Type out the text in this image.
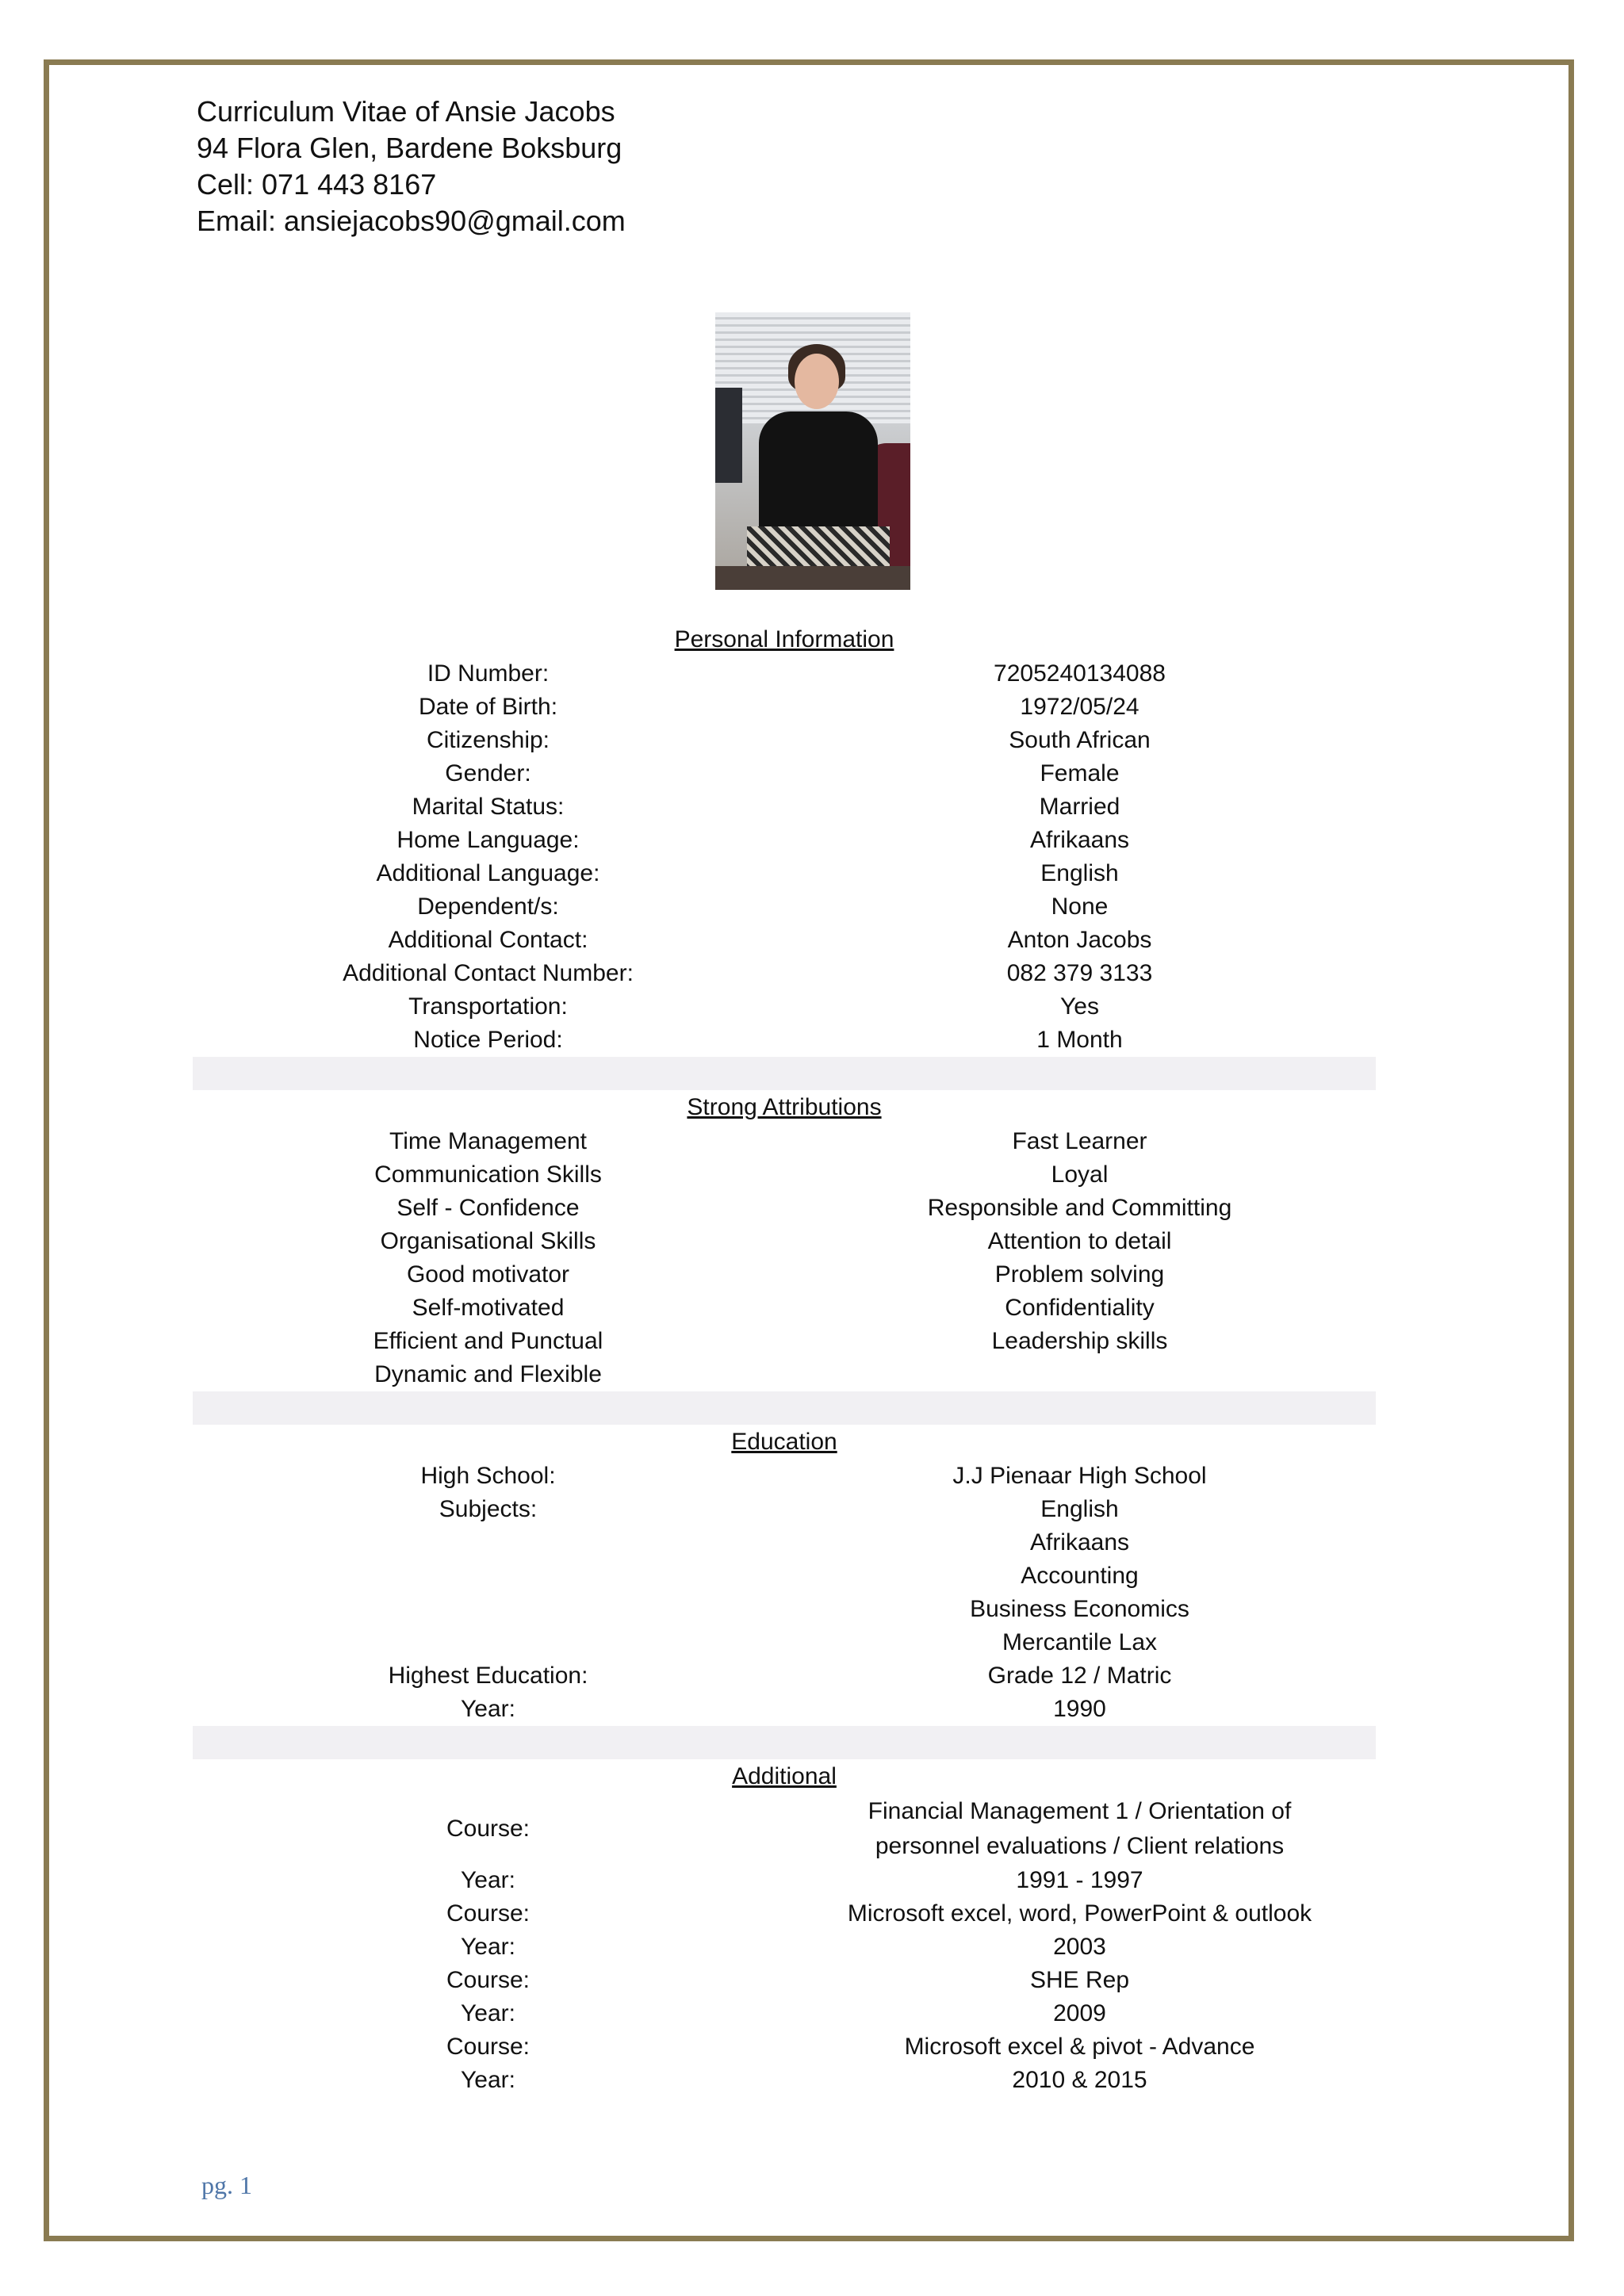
Curriculum Vitae of Ansie Jacobs
94 Flora Glen, Bardene Boksburg
Cell: 071 443 8167
Email: ansiejacobs90@gmail.com
Personal Information
ID Number:	7205240134088
Date of Birth:	1972/05/24
Citizenship:	South African
Gender:	Female
Marital Status:	Married
Home Language:	Afrikaans
Additional Language:	English
Dependent/s:	None
Additional Contact:	Anton Jacobs
Additional Contact Number:	082 379 3133
Transportation:	Yes
Notice Period:	1 Month
Strong Attributions
Time Management	Fast Learner
Communication Skills	Loyal
Self - Confidence	Responsible and Committing
Organisational Skills	Attention to detail
Good motivator	Problem solving
Self-motivated	Confidentiality
Efficient and Punctual	Leadership skills
Dynamic and Flexible
Education
High School:	J.J Pienaar High School
Subjects:	English
Afrikaans
Accounting
Business Economics
Mercantile Lax
Highest Education:	Grade 12 / Matric
Year:	1990
Additional
Course:
Financial Management 1 / Orientation of
personnel evaluations / Client relations
Year:	1991 - 1997
Course:	Microsoft excel, word, PowerPoint & outlook
Year:	2003
Course:	SHE Rep
Year:	2009
Course:	Microsoft excel & pivot - Advance
Year:	2010 & 2015
pg. 1
